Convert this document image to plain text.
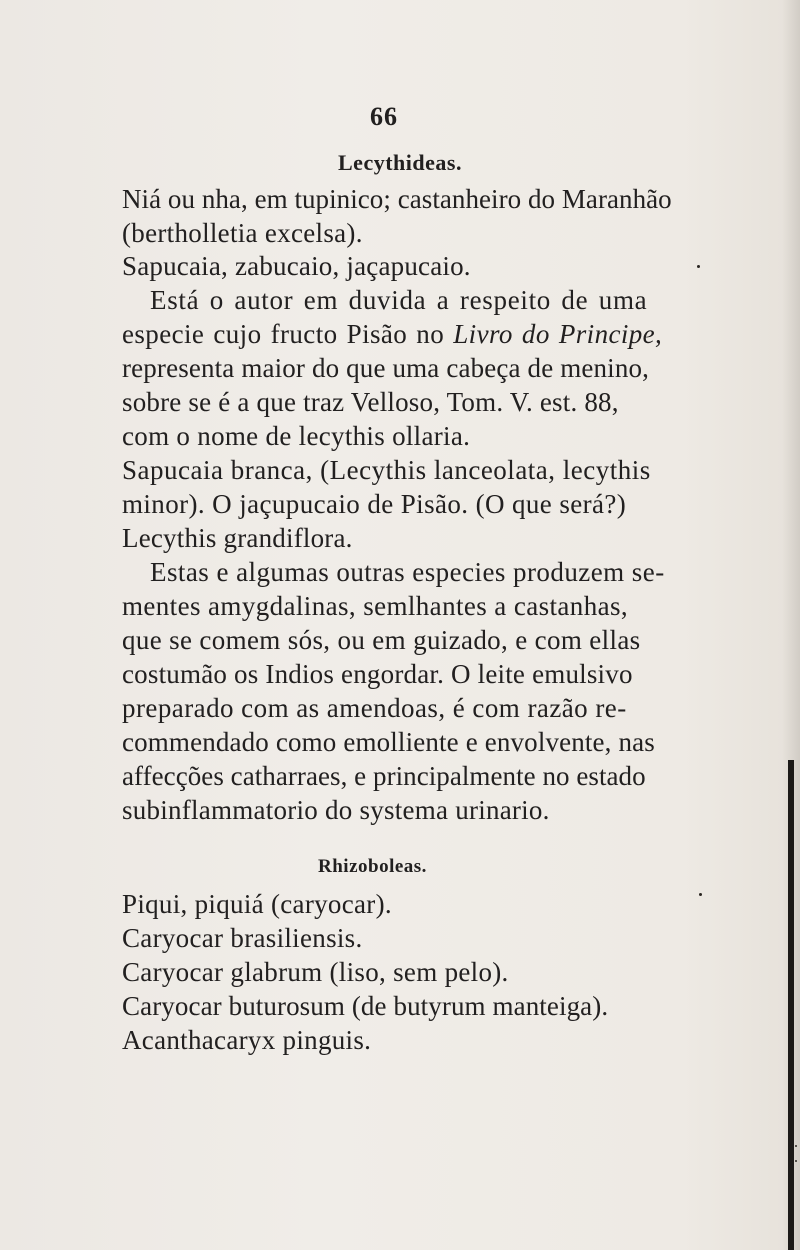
66
Lecythideas.
Niá ou nha, em tupinico; castanheiro do Maranhão
(bertholletia excelsa).
Sapucaia, zabucaio, jaçapucaio.
Está o autor em duvida a respeito de uma
especie cujo fructo Pisão no Livro do Principe,
representa maior do que uma cabeça de menino,
sobre se é a que traz Velloso, Tom. V. est. 88,
com o nome de lecythis ollaria.
Sapucaia branca, (Lecythis lanceolata, lecythis
minor). O jaçupucaio de Pisão. (O que será?)
Lecythis grandiflora.
Estas e algumas outras especies produzem se-
mentes amygdalinas, semlhantes a castanhas,
que se comem sós, ou em guizado, e com ellas
costumão os Indios engordar. O leite emulsivo
preparado com as amendoas, é com razão re-
commendado como emolliente e envolvente, nas
affecções catharraes, e principalmente no estado
subinflammatorio do systema urinario.
Rhizoboleas.
Piqui, piquiá (caryocar).
Caryocar brasiliensis.
Caryocar glabrum (liso, sem pelo).
Caryocar buturosum (de butyrum manteiga).
Acanthacaryx pinguis.
